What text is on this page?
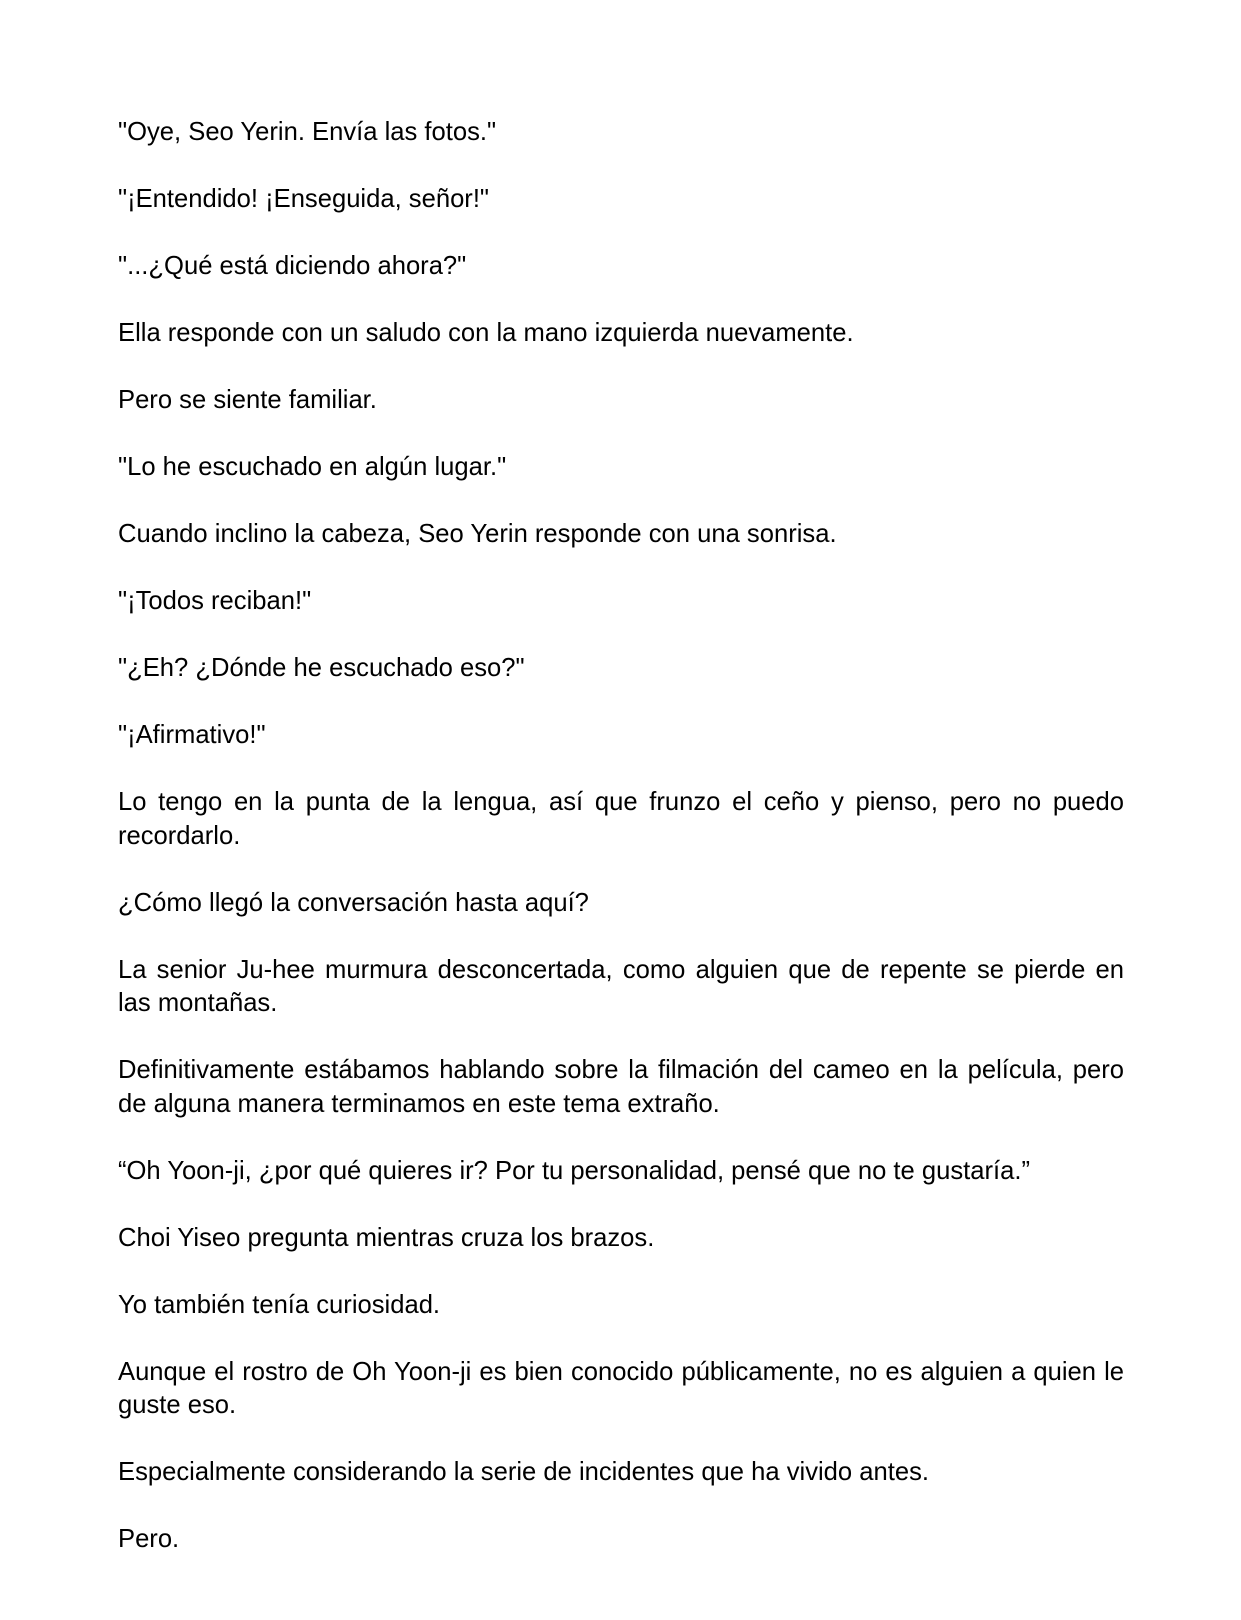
"Oye, Seo Yerin. Envía las fotos."

"¡Entendido! ¡Enseguida, señor!"

"...¿Qué está diciendo ahora?"

Ella responde con un saludo con la mano izquierda nuevamente.

Pero se siente familiar.

"Lo he escuchado en algún lugar."

Cuando inclino la cabeza, Seo Yerin responde con una sonrisa.

"¡Todos reciban!"

"¿Eh? ¿Dónde he escuchado eso?"

"¡Afirmativo!"

Lo tengo en la punta de la lengua, así que frunzo el ceño y pienso, pero no puedo recordarlo.

¿Cómo llegó la conversación hasta aquí?

La senior Ju-hee murmura desconcertada, como alguien que de repente se pierde en las montañas.

Definitivamente estábamos hablando sobre la filmación del cameo en la película, pero de alguna manera terminamos en este tema extraño.

“Oh Yoon-ji, ¿por qué quieres ir? Por tu personalidad, pensé que no te gustaría.”

Choi Yiseo pregunta mientras cruza los brazos.

Yo también tenía curiosidad.

Aunque el rostro de Oh Yoon-ji es bien conocido públicamente, no es alguien a quien le guste eso.

Especialmente considerando la serie de incidentes que ha vivido antes.

Pero.
